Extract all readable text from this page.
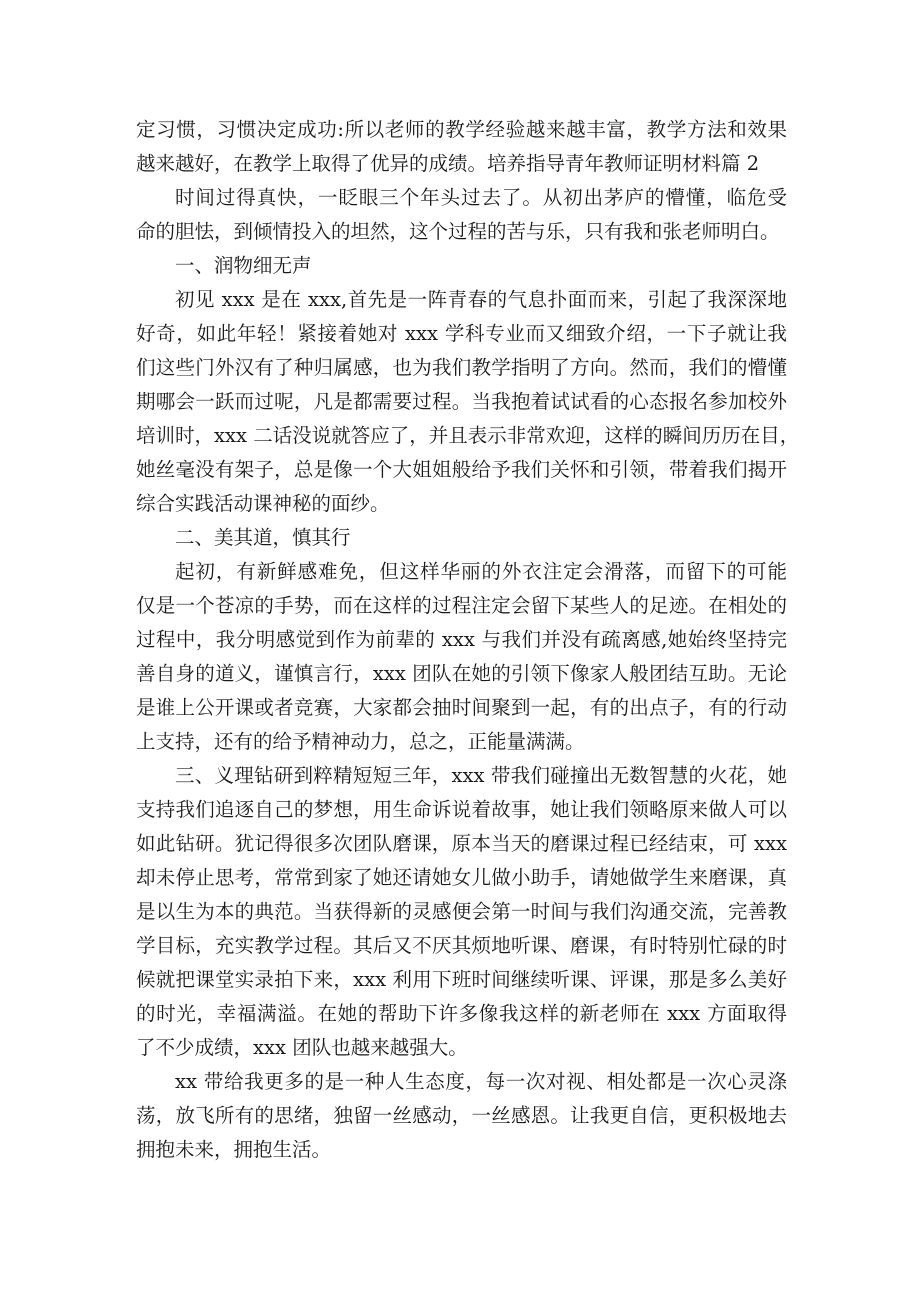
定习惯，习惯决定成功:所以老师的教学经验越来越丰富，教学方法和效果
越来越好，在教学上取得了优异的成绩。培养指导青年教师证明材料篇 2
时间过得真快，一眨眼三个年头过去了。从初出茅庐的懵懂，临危受
命的胆怯，到倾情投入的坦然，这个过程的苦与乐，只有我和张老师明白。
一、润物细无声
初见 xxx 是在 xxx,首先是一阵青春的气息扑面而来，引起了我深深地
好奇，如此年轻！紧接着她对 xxx 学科专业而又细致介绍，一下子就让我
们这些门外汉有了种归属感，也为我们教学指明了方向。然而，我们的懵懂
期哪会一跃而过呢，凡是都需要过程。当我抱着试试看的心态报名参加校外
培训时，xxx 二话没说就答应了，并且表示非常欢迎，这样的瞬间历历在目，
她丝毫没有架子，总是像一个大姐姐般给予我们关怀和引领，带着我们揭开
综合实践活动课神秘的面纱。
二、美其道，慎其行
起初，有新鲜感难免，但这样华丽的外衣注定会滑落，而留下的可能
仅是一个苍凉的手势，而在这样的过程注定会留下某些人的足迹。在相处的
过程中，我分明感觉到作为前辈的 xxx 与我们并没有疏离感,她始终坚持完
善自身的道义，谨慎言行，xxx 团队在她的引领下像家人般团结互助。无论
是谁上公开课或者竞赛，大家都会抽时间聚到一起，有的出点子，有的行动
上支持，还有的给予精神动力，总之，正能量满满。
三、义理钻研到粹精短短三年，xxx 带我们碰撞出无数智慧的火花，她
支持我们追逐自己的梦想，用生命诉说着故事，她让我们领略原来做人可以
如此钻研。犹记得很多次团队磨课，原本当天的磨课过程已经结束，可 xxx
却未停止思考，常常到家了她还请她女儿做小助手，请她做学生来磨课，真
是以生为本的典范。当获得新的灵感便会第一时间与我们沟通交流，完善教
学目标，充实教学过程。其后又不厌其烦地听课、磨课，有时特别忙碌的时
候就把课堂实录拍下来，xxx 利用下班时间继续听课、评课，那是多么美好
的时光，幸福满溢。在她的帮助下许多像我这样的新老师在 xxx 方面取得
了不少成绩，xxx 团队也越来越强大。
xx 带给我更多的是一种人生态度，每一次对视、相处都是一次心灵涤
荡，放飞所有的思绪，独留一丝感动，一丝感恩。让我更自信，更积极地去
拥抱未来，拥抱生活。
